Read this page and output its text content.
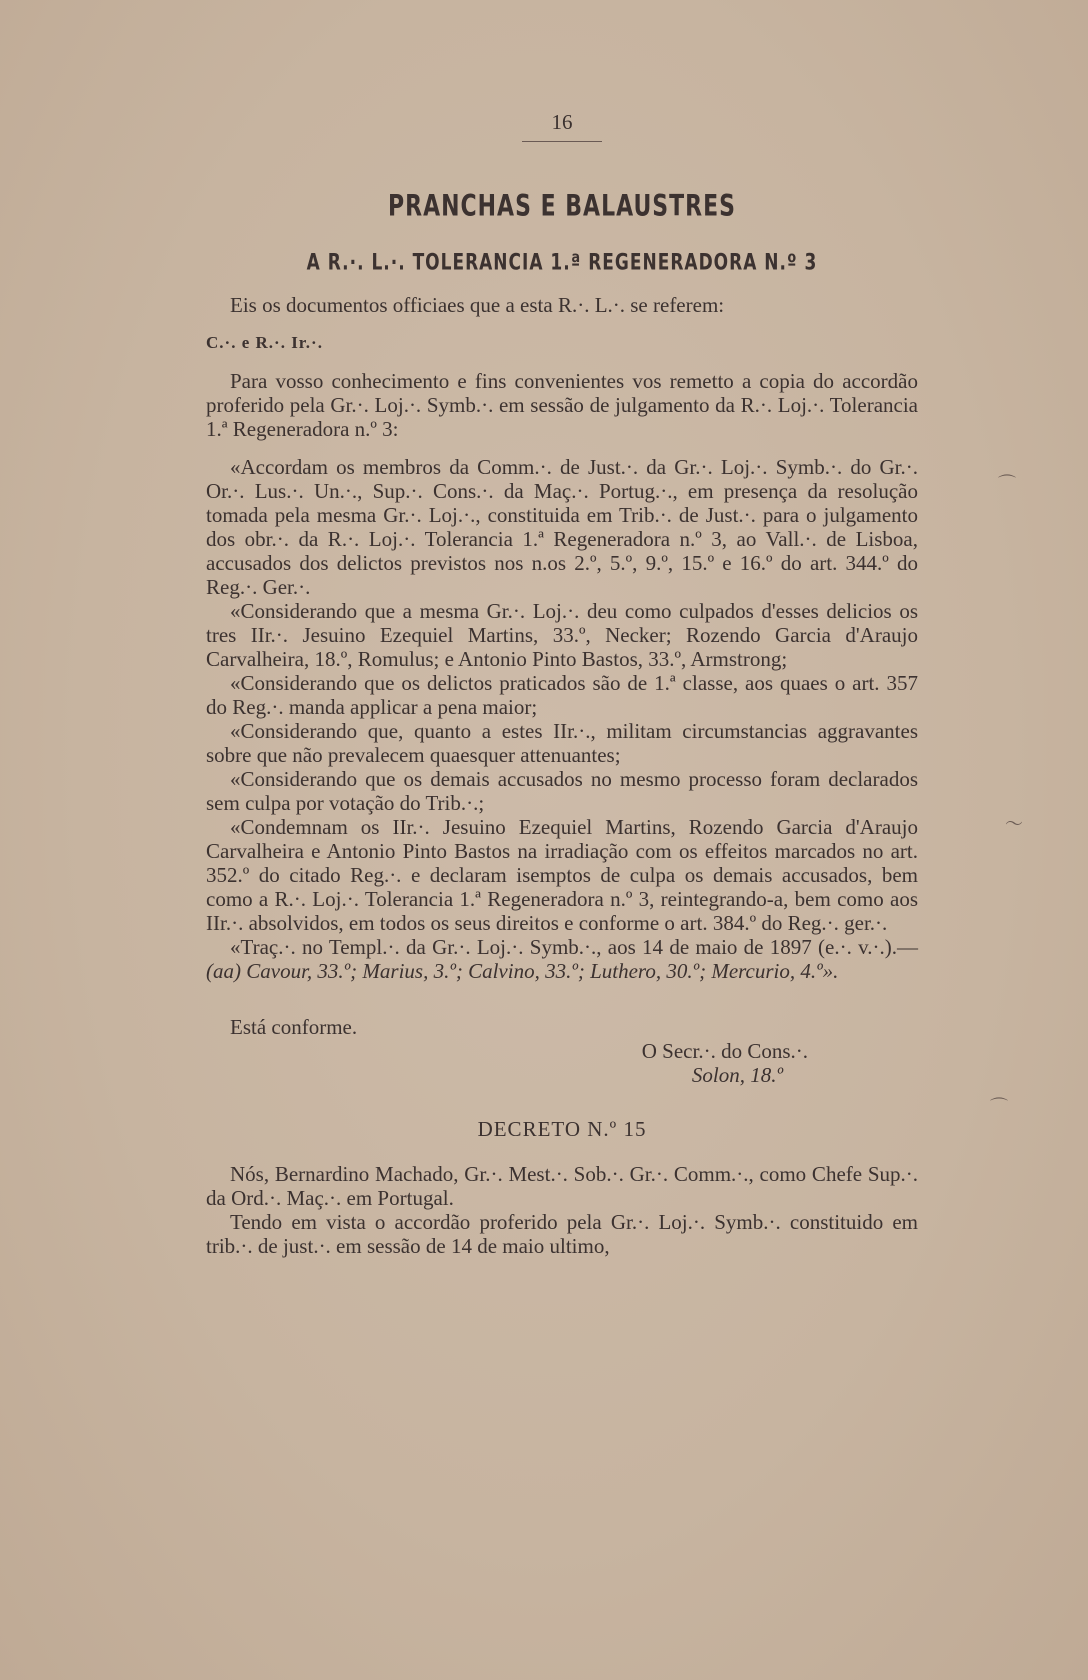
16
PRANCHAS E BALAUSTRES
A R.·. L.·. TOLERANCIA 1.ª REGENERADORA N.º 3

Eis os documentos officiaes que a esta R.·. L.·. se referem:

C.·. e R.·. Ir.·.

Para vosso conhecimento e fins convenientes vos remetto a copia do accordão proferido pela Gr.·. Loj.·. Symb.·. em sessão de julgamento da R.·. Loj.·. Tolerancia 1.ª Regeneradora n.º 3:

«Accordam os membros da Comm.·. de Just.·. da Gr.·. Loj.·. Symb.·. do Gr.·. Or.·. Lus.·. Un.·., Sup.·. Cons.·. da Maç.·. Portug.·., em presença da resolução tomada pela mesma Gr.·. Loj.·., constituida em Trib.·. de Just.·. para o julgamento dos obr.·. da R.·. Loj.·. Tolerancia 1.ª Regeneradora n.º 3, ao Vall.·. de Lisboa, accusados dos delictos previstos nos n.os 2.º, 5.º, 9.º, 15.º e 16.º do art. 344.º do Reg.·. Ger.·.

«Considerando que a mesma Gr.·. Loj.·. deu como culpados d'esses delicios os tres IIr.·. Jesuino Ezequiel Martins, 33.º, Necker; Rozendo Garcia d'Araujo Carvalheira, 18.º, Romulus; e Antonio Pinto Bastos, 33.º, Armstrong;

«Considerando que os delictos praticados são de 1.ª classe, aos quaes o art. 357 do Reg.·. manda applicar a pena maior;

«Considerando que, quanto a estes IIr.·., militam circumstancias aggravantes sobre que não prevalecem quaesquer attenuantes;

«Considerando que os demais accusados no mesmo processo foram declarados sem culpa por votação do Trib.·.;

«Condemnam os IIr.·. Jesuino Ezequiel Martins, Rozendo Garcia d'Araujo Carvalheira e Antonio Pinto Bastos na irradiação com os effeitos marcados no art. 352.º do citado Reg.·. e declaram isemptos de culpa os demais accusados, bem como a R.·. Loj.·. Tolerancia 1.ª Regeneradora n.º 3, reintegrando-a, bem como aos IIr.·. absolvidos, em todos os seus direitos e conforme o art. 384.º do Reg.·. ger.·.

«Traç.·. no Templ.·. da Gr.·. Loj.·. Symb.·., aos 14 de maio de 1897 (e.·. v.·.).—(aa) Cavour, 33.º; Marius, 3.º; Calvino, 33.º; Luthero, 30.º; Mercurio, 4.º».

Está conforme.

O Secr.·. do Cons.·.

Solon, 18.º

DECRETO N.º 15

Nós, Bernardino Machado, Gr.·. Mest.·. Sob.·. Gr.·. Comm.·., como Chefe Sup.·. da Ord.·. Maç.·. em Portugal.

Tendo em vista o accordão proferido pela Gr.·. Loj.·. Symb.·. constituido em trib.·. de just.·. em sessão de 14 de maio ultimo,

⌒
〜
⌒
